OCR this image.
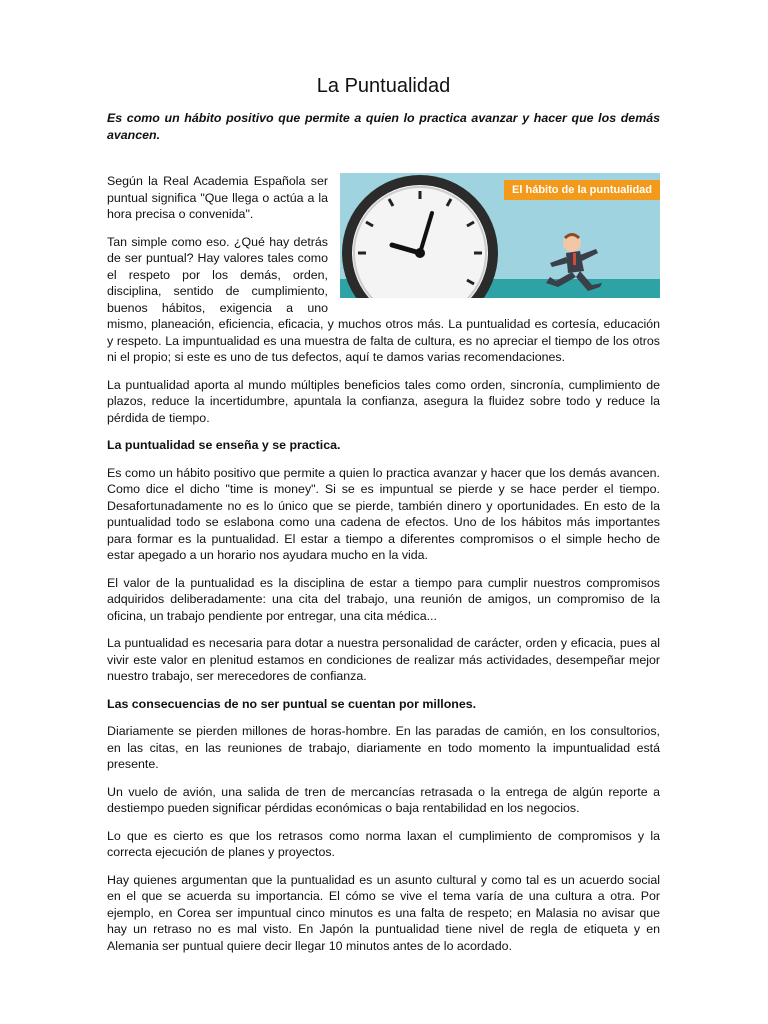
La Puntualidad

Es como un hábito positivo que permite a quien lo practica avanzar y hacer que los demás avancen.

El hábito de la puntualidad

Según la Real Academia Española ser puntual significa "Que llega o actúa a la hora precisa o convenida".

Tan simple como eso. ¿Qué hay detrás de ser puntual? Hay valores tales como el respeto por los demás, orden, disciplina, sentido de cumplimiento, buenos hábitos, exigencia a uno mismo, planeación, eficiencia, eficacia, y muchos otros más. La puntualidad es cortesía, educación y respeto. La impuntualidad es una muestra de falta de cultura, es no apreciar el tiempo de los otros ni el propio; si este es uno de tus defectos, aquí te damos varias recomendaciones.

La puntualidad aporta al mundo múltiples beneficios tales como orden, sincronía, cumplimiento de plazos, reduce la incertidumbre, apuntala la confianza, asegura la fluidez sobre todo y reduce la pérdida de tiempo.

La puntualidad se enseña y se practica.

Es como un hábito positivo que permite a quien lo practica avanzar y hacer que los demás avancen. Como dice el dicho "time is money". Si se es impuntual se pierde y se hace perder el tiempo. Desafortunadamente no es lo único que se pierde, también dinero y oportunidades. En esto de la puntualidad todo se eslabona como una cadena de efectos. Uno de los hábitos más importantes para formar es la puntualidad. El estar a tiempo a diferentes compromisos o el simple hecho de estar apegado a un horario nos ayudara mucho en la vida.

El valor de la puntualidad es la disciplina de estar a tiempo para cumplir nuestros compromisos adquiridos deliberadamente: una cita del trabajo, una reunión de amigos, un compromiso de la oficina, un trabajo pendiente por entregar, una cita médica...

La puntualidad es necesaria para dotar a nuestra personalidad de carácter, orden y eficacia, pues al vivir este valor en plenitud estamos en condiciones de realizar más actividades, desempeñar mejor nuestro trabajo, ser merecedores de confianza.

Las consecuencias de no ser puntual se cuentan por millones.

Diariamente se pierden millones de horas-hombre. En las paradas de camión, en los consultorios, en las citas, en las reuniones de trabajo, diariamente en todo momento la impuntualidad está presente.

Un vuelo de avión, una salida de tren de mercancías retrasada o la entrega de algún reporte a destiempo pueden significar pérdidas económicas o baja rentabilidad en los negocios.

Lo que es cierto es que los retrasos como norma laxan el cumplimiento de compromisos y la correcta ejecución de planes y proyectos.

Hay quienes argumentan que la puntualidad es un asunto cultural y como tal es un acuerdo social en el que se acuerda su importancia. El cómo se vive el tema varía de una cultura a otra. Por ejemplo, en Corea ser impuntual cinco minutos es una falta de respeto; en Malasia no avisar que hay un retraso no es mal visto. En Japón la puntualidad tiene nivel de regla de etiqueta y en Alemania ser puntual quiere decir llegar 10 minutos antes de lo acordado.
